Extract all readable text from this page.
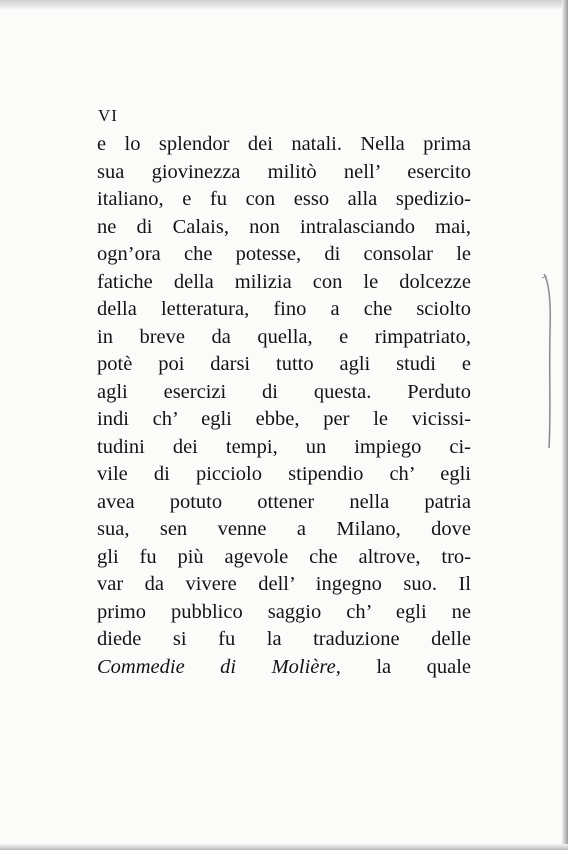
VI
e lo splendor dei natali. Nella prima
sua giovinezza militò nell’ esercito
italiano, e fu con esso alla spedizio-
ne di Calais, non intralasciando mai,
ogn’ora che potesse, di consolar le
fatiche della milizia con le dolcezze
della letteratura, fino a che sciolto
in breve da quella, e rimpatriato,
potè poi darsi tutto agli studi e
agli esercizi di questa. Perduto
indi ch’ egli ebbe, per le vicissi-
tudini dei tempi, un impiego ci-
vile di picciolo stipendio ch’ egli
avea potuto ottener nella patria
sua, sen venne a Milano, dove
gli fu più agevole che altrove, tro-
var da vivere dell’ ingegno suo. Il
primo pubblico saggio ch’ egli ne
diede si fu la traduzione delle
Commedie di Molière, la quale
